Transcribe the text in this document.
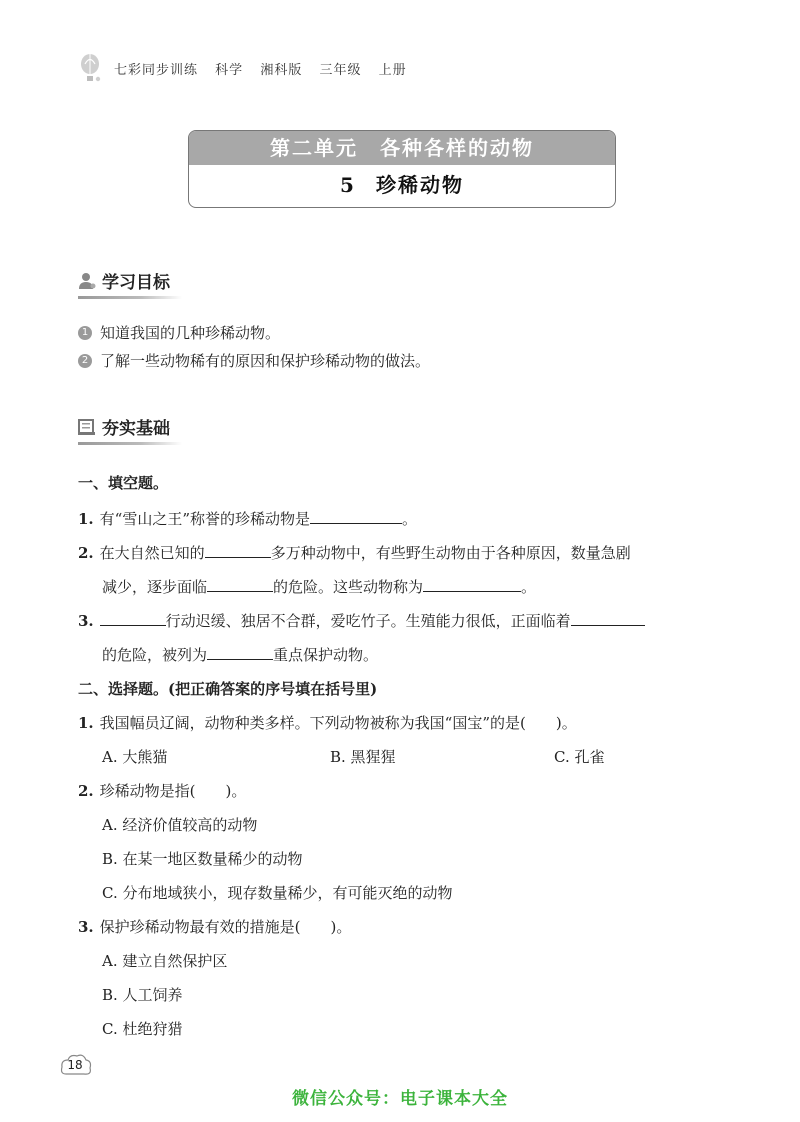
七彩同步训练 科学 湘科版 三年级 上册
第二单元　各种各样的动物
5 珍稀动物
学习目标
1 知道我国的几种珍稀动物。
2 了解一些动物稀有的原因和保护珍稀动物的做法。
夯实基础
一、填空题。
1. 有“雪山之王”称誉的珍稀动物是	。
2. 在大自然已知的	多万种动物中，有些野生动物由于各种原因，数量急剧
减少，逐步面临	的危险。这些动物称为	。
3.	行动迟缓、独居不合群，爱吃竹子。生殖能力很低，正面临着
的危险，被列为	重点保护动物。
二、选择题。(把正确答案的序号填在括号里)
1. 我国幅员辽阔，动物种类多样。下列动物被称为我国“国宝”的是(　　)。
A. 大熊猫	B. 黑猩猩	C. 孔雀
2. 珍稀动物是指(　　)。
A. 经济价值较高的动物
B. 在某一地区数量稀少的动物
C. 分布地域狭小，现存数量稀少，有可能灭绝的动物
3. 保护珍稀动物最有效的措施是(　　)。
A. 建立自然保护区
B. 人工饲养
C. 杜绝狩猎
18
微信公众号：电子课本大全
